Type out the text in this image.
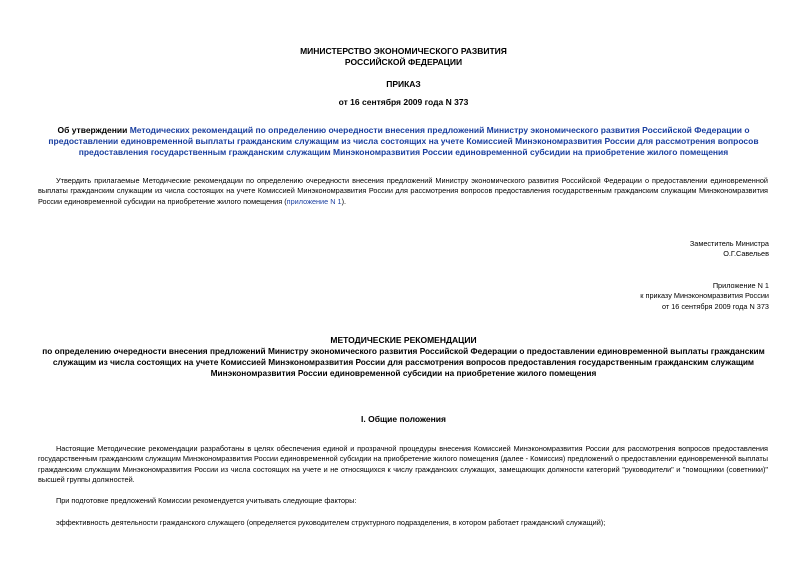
МИНИСТЕРСТВО ЭКОНОМИЧЕСКОГО РАЗВИТИЯ
РОССИЙСКОЙ ФЕДЕРАЦИИ
ПРИКАЗ
от 16 сентября 2009 года N 373
Об утверждении Методических рекомендаций по определению очередности внесения предложений Министру экономического развития Российской Федерации о предоставлении единовременной выплаты гражданским служащим из числа состоящих на учете Комиссией Минэкономразвития России для рассмотрения вопросов предоставления государственным гражданским служащим Минэкономразвития России единовременной субсидии на приобретение жилого помещения
Утвердить прилагаемые Методические рекомендации по определению очередности внесения предложений Министру экономического развития Российской Федерации о предоставлении единовременной выплаты гражданским служащим из числа состоящих на учете Комиссией Минэкономразвития России для рассмотрения вопросов предоставления государственным гражданским служащим Минэкономразвития России единовременной субсидии на приобретение жилого помещения (приложение N 1).
Заместитель Министра
О.Г.Савельев
Приложение N 1
к приказу Минэкономразвития России
от 16 сентября 2009 года N 373
МЕТОДИЧЕСКИЕ РЕКОМЕНДАЦИИ
по определению очередности внесения предложений Министру экономического развития Российской Федерации о предоставлении единовременной выплаты гражданским служащим из числа состоящих на учете Комиссией Минэкономразвития России для рассмотрения вопросов предоставления государственным гражданским служащим Минэкономразвития России единовременной субсидии на приобретение жилого помещения
I. Общие положения
Настоящие Методические рекомендации разработаны в целях обеспечения единой и прозрачной процедуры внесения Комиссией Минэкономразвития России для рассмотрения вопросов предоставления государственным гражданским служащим Минэкономразвития России единовременной субсидии на приобретение жилого помещения (далее - Комиссия) предложений о предоставлении единовременной выплаты гражданским служащим Минэкономразвития России из числа состоящих на учете и не относящихся к числу гражданских служащих, замещающих должности категорий "руководители" и "помощники (советники)" высшей группы должностей.
При подготовке предложений Комиссии рекомендуется учитывать следующие факторы:
эффективность деятельности гражданского служащего (определяется руководителем структурного подразделения, в котором работает гражданский служащий);
